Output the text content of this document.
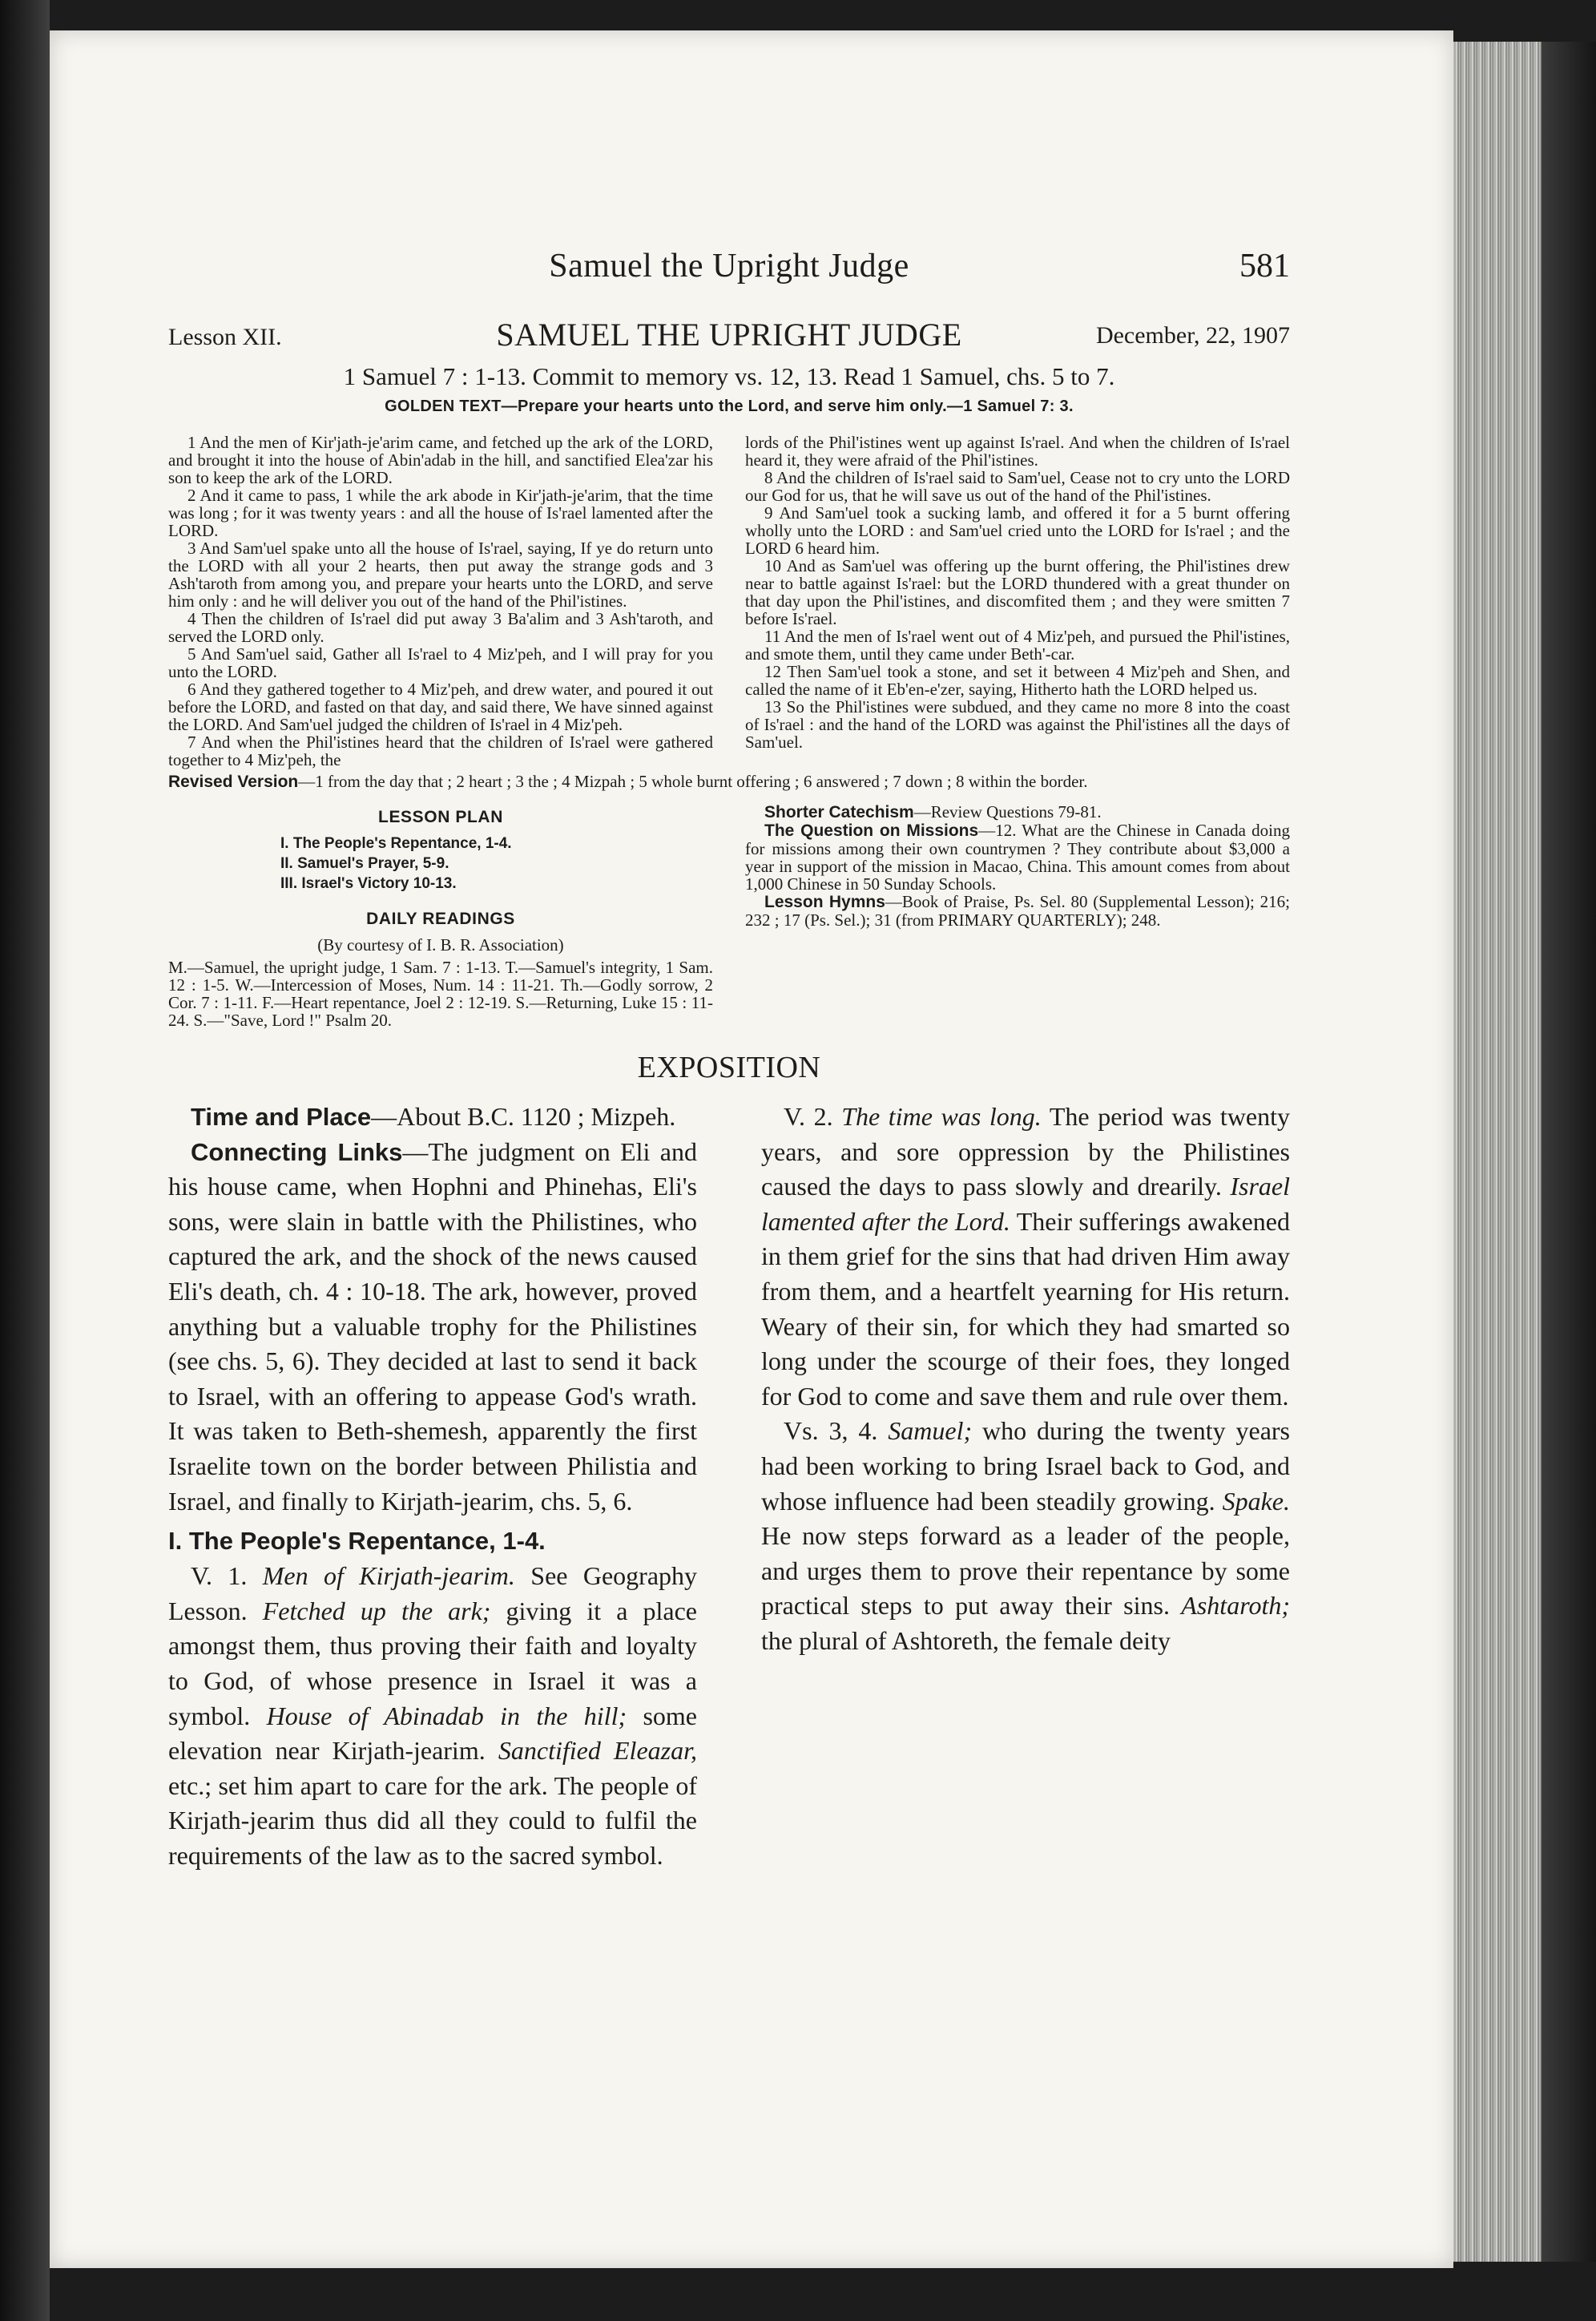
Samuel the Upright Judge	581
Lesson XII.	SAMUEL THE UPRIGHT JUDGE	December, 22, 1907
1 Samuel 7 : 1-13. Commit to memory vs. 12, 13. Read 1 Samuel, chs. 5 to 7.
GOLDEN TEXT—Prepare your hearts unto the Lord, and serve him only.—1 Samuel 7: 3.

1 And the men of Kir'jath-je'arim came, and fetched up the ark of the LORD, and brought it into the house of Abin'adab in the hill, and sanctified Elea'zar his son to keep the ark of the LORD.

2 And it came to pass, 1 while the ark abode in Kir'jath-je'arim, that the time was long ; for it was twenty years : and all the house of Is'rael lamented after the LORD.

3 And Sam'uel spake unto all the house of Is'rael, saying, If ye do return unto the LORD with all your 2 hearts, then put away the strange gods and 3 Ash'taroth from among you, and prepare your hearts unto the LORD, and serve him only : and he will deliver you out of the hand of the Phil'istines.

4 Then the children of Is'rael did put away 3 Ba'alim and 3 Ash'taroth, and served the LORD only.

5 And Sam'uel said, Gather all Is'rael to 4 Miz'peh, and I will pray for you unto the LORD.

6 And they gathered together to 4 Miz'peh, and drew water, and poured it out before the LORD, and fasted on that day, and said there, We have sinned against the LORD. And Sam'uel judged the children of Is'rael in 4 Miz'peh.

7 And when the Phil'istines heard that the children of Is'rael were gathered together to 4 Miz'peh, the

lords of the Phil'istines went up against Is'rael. And when the children of Is'rael heard it, they were afraid of the Phil'istines.

8 And the children of Is'rael said to Sam'uel, Cease not to cry unto the LORD our God for us, that he will save us out of the hand of the Phil'istines.

9 And Sam'uel took a sucking lamb, and offered it for a 5 burnt offering wholly unto the LORD : and Sam'uel cried unto the LORD for Is'rael ; and the LORD 6 heard him.

10 And as Sam'uel was offering up the burnt offering, the Phil'istines drew near to battle against Is'rael: but the LORD thundered with a great thunder on that day upon the Phil'istines, and discomfited them ; and they were smitten 7 before Is'rael.

11 And the men of Is'rael went out of 4 Miz'peh, and pursued the Phil'istines, and smote them, until they came under Beth'-car.

12 Then Sam'uel took a stone, and set it between 4 Miz'peh and Shen, and called the name of it Eb'en-e'zer, saying, Hitherto hath the LORD helped us.

13 So the Phil'istines were subdued, and they came no more 8 into the coast of Is'rael : and the hand of the LORD was against the Phil'istines all the days of Sam'uel.

Revised Version—1 from the day that ; 2 heart ; 3 the ; 4 Mizpah ; 5 whole burnt offering ; 6 answered ; 7 down ; 8 within the border.
LESSON PLAN
I. The People's Repentance, 1-4.
II. Samuel's Prayer, 5-9.
III. Israel's Victory 10-13.
DAILY READINGS
(By courtesy of I. B. R. Association)

M.—Samuel, the upright judge, 1 Sam. 7 : 1-13. T.—Samuel's integrity, 1 Sam. 12 : 1-5. W.—Intercession of Moses, Num. 14 : 11-21. Th.—Godly sorrow, 2 Cor. 7 : 1-11. F.—Heart repentance, Joel 2 : 12-19. S.—Returning, Luke 15 : 11-24. S.—"Save, Lord !" Psalm 20.

Shorter Catechism—Review Questions 79-81.

The Question on Missions—12. What are the Chinese in Canada doing for missions among their own countrymen ? They contribute about $3,000 a year in support of the mission in Macao, China. This amount comes from about 1,000 Chinese in 50 Sunday Schools.

Lesson Hymns—Book of Praise, Ps. Sel. 80 (Supplemental Lesson); 216; 232 ; 17 (Ps. Sel.); 31 (from PRIMARY QUARTERLY); 248.

EXPOSITION

Time and Place—About B.C. 1120 ; Mizpeh.

Connecting Links—The judgment on Eli and his house came, when Hophni and Phinehas, Eli's sons, were slain in battle with the Philistines, who captured the ark, and the shock of the news caused Eli's death, ch. 4 : 10-18. The ark, however, proved anything but a valuable trophy for the Philistines (see chs. 5, 6). They decided at last to send it back to Israel, with an offering to appease God's wrath. It was taken to Beth-shemesh, apparently the first Israelite town on the border between Philistia and Israel, and finally to Kirjath-jearim, chs. 5, 6.

I. The People's Repentance, 1-4.

V. 1. Men of Kirjath-jearim. See Geography Lesson. Fetched up the ark; giving it a place amongst them, thus proving their faith and loyalty to God, of whose presence in Israel it was a symbol. House of Abinadab in the hill; some elevation near Kirjath-jearim. Sanctified Eleazar, etc.; set him apart to care for the ark. The people of Kirjath-jearim thus did all they could to fulfil the requirements of the law as to the sacred symbol.

V. 2. The time was long. The period was twenty years, and sore oppression by the Philistines caused the days to pass slowly and drearily. Israel lamented after the Lord. Their sufferings awakened in them grief for the sins that had driven Him away from them, and a heartfelt yearning for His return. Weary of their sin, for which they had smarted so long under the scourge of their foes, they longed for God to come and save them and rule over them.

Vs. 3, 4. Samuel; who during the twenty years had been working to bring Israel back to God, and whose influence had been steadily growing. Spake. He now steps forward as a leader of the people, and urges them to prove their repentance by some practical steps to put away their sins. Ashtaroth; the plural of Ashtoreth, the female deity
